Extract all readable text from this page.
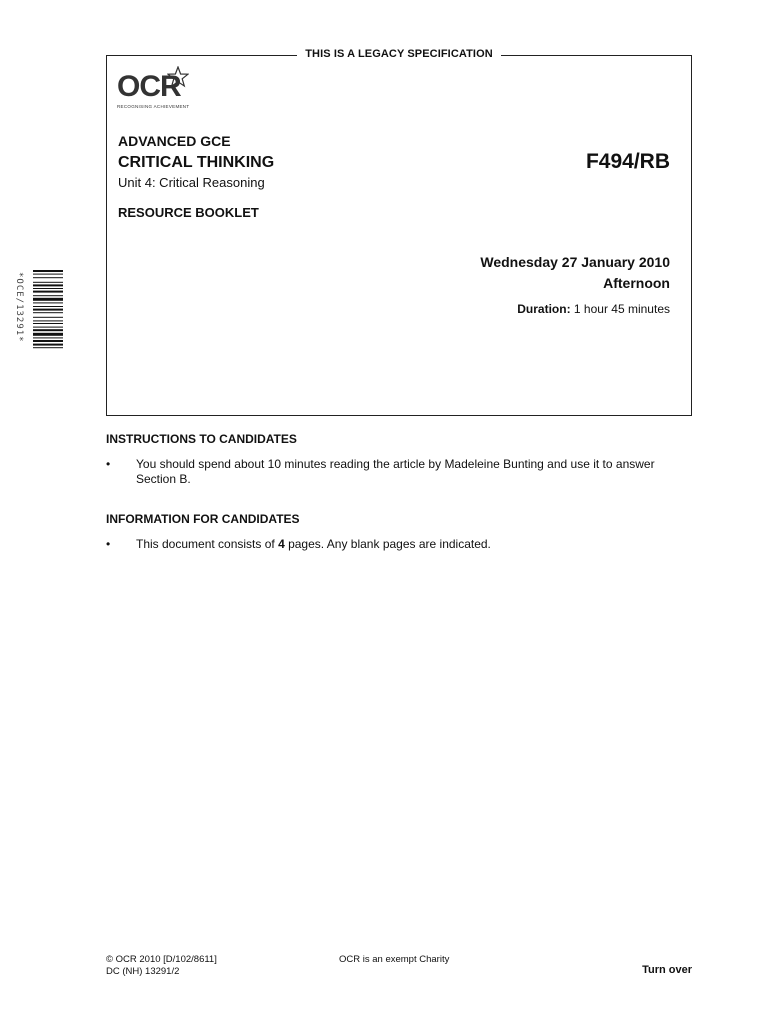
THIS IS A LEGACY SPECIFICATION
OCR
RECOGNISING ACHIEVEMENT
ADVANCED GCE
CRITICAL THINKING
Unit 4: Critical Reasoning
F494/RB
RESOURCE BOOKLET
Wednesday 27 January 2010
Afternoon
Duration: 1 hour 45 minutes
*OCE/13291*
INSTRUCTIONS TO CANDIDATES
• You should spend about 10 minutes reading the article by Madeleine Bunting and use it to answer Section B.
INFORMATION FOR CANDIDATES
• This document consists of 4 pages. Any blank pages are indicated.
© OCR 2010 [D/102/8611]
DC (NH) 13291/2
OCR is an exempt Charity
Turn over
